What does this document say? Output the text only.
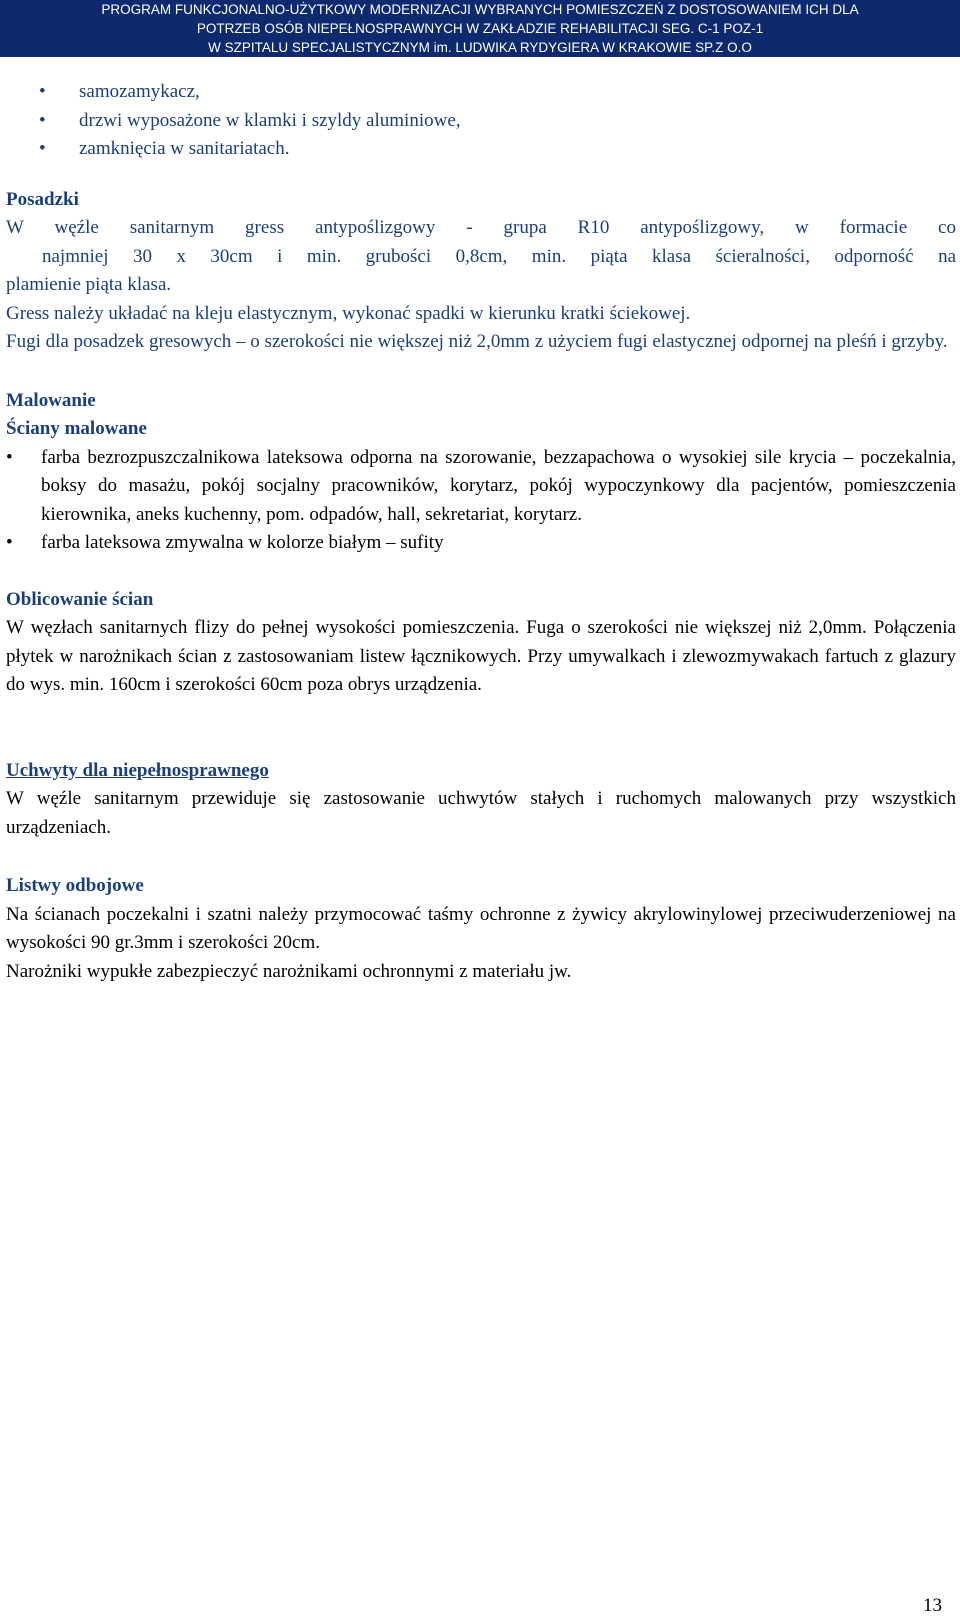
PROGRAM FUNKCJONALNO-UŻYTKOWY MODERNIZACJI WYBRANYCH POMIESZCZEŃ Z DOSTOSOWANIEM ICH DLA
POTRZEB OSÓB NIEPEŁNOSPRAWNYCH W ZAKŁADZIE REHABILITACJI SEG. C-1 POZ-1
W SZPITALU SPECJALISTYCZNYM im. LUDWIKA RYDYGIERA W KRAKOWIE SP.Z O.O
• samozamykacz,
• drzwi wyposażone w klamki i szyldy aluminiowe,
• zamknięcia w sanitariatach.
Posadzki
W węźle sanitarnym gress antypoślizgowy - grupa R10 antypoślizgowy, w formacie co
najmniej 30 x 30cm i min. grubości 0,8cm, min. piąta klasa ścieralności, odporność na
plamienie piąta klasa.
Gress należy układać na kleju elastycznym, wykonać spadki w kierunku kratki ściekowej.
Fugi dla posadzek gresowych – o szerokości nie większej niż 2,0mm z użyciem fugi elastycznej odpornej na pleśń i grzyby.
Malowanie
Ściany malowane
• farba bezrozpuszczalnikowa lateksowa odporna na szorowanie, bezzapachowa o wysokiej sile krycia – poczekalnia, boksy do masażu, pokój socjalny pracowników, korytarz, pokój wypoczynkowy dla pacjentów, pomieszczenia kierownika, aneks kuchenny, pom. odpadów, hall, sekretariat, korytarz.
• farba lateksowa zmywalna w kolorze białym – sufity
Oblicowanie ścian
W węzłach sanitarnych flizy do pełnej wysokości pomieszczenia. Fuga o szerokości nie większej niż 2,0mm. Połączenia płytek w narożnikach ścian z zastosowaniam listew łącznikowych. Przy umywalkach i zlewozmywakach fartuch z glazury do wys. min. 160cm i szerokości 60cm poza obrys urządzenia.
Uchwyty dla niepełnosprawnego
W węźle sanitarnym przewiduje się zastosowanie uchwytów stałych i ruchomych malowanych przy wszystkich urządzeniach.
Listwy odbojowe
Na ścianach poczekalni i szatni należy przymocować taśmy ochronne z żywicy akrylowinylowej przeciwuderzeniowej na wysokości 90 gr.3mm i szerokości 20cm.
Narożniki wypukłe zabezpieczyć narożnikami ochronnymi z materiału jw.
13
